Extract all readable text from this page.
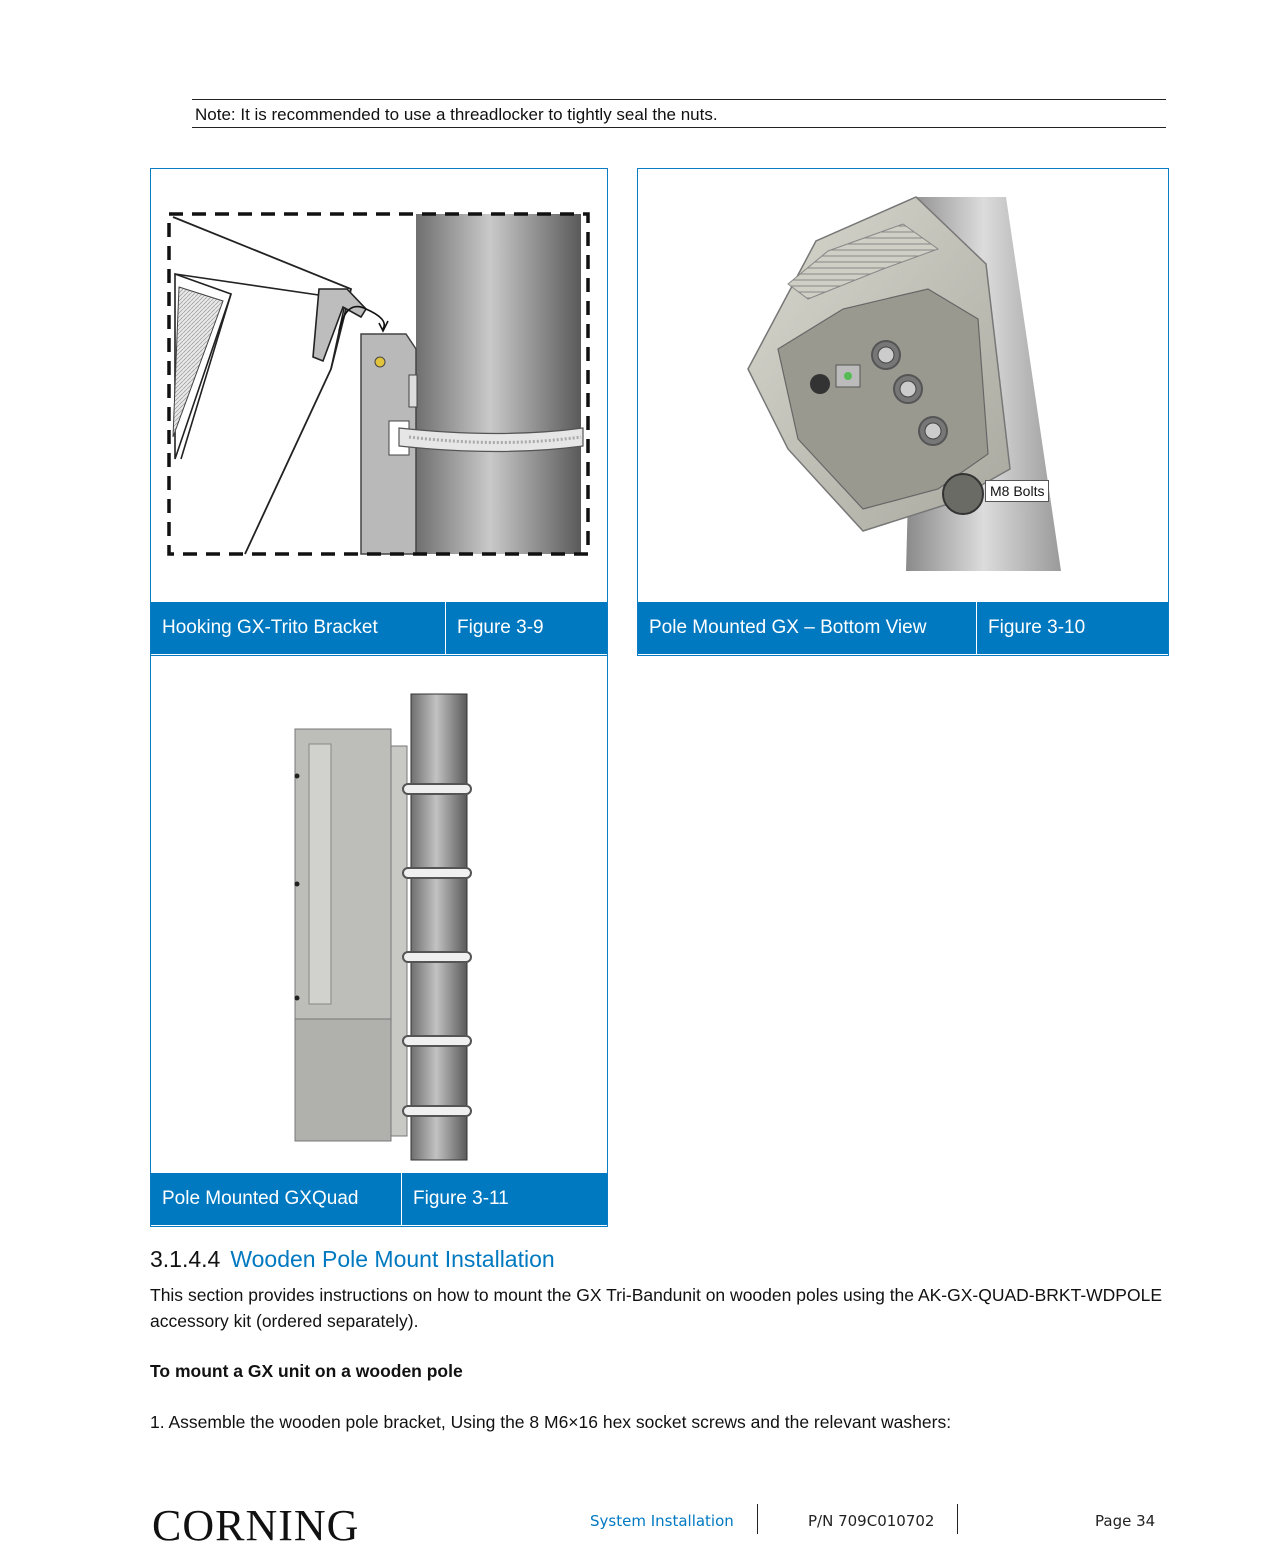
Note: It is recommended to use a threadlocker to tightly seal the nuts.
Hooking GX-Trito Bracket	Figure 3-9
M8 Bolts
Pole Mounted GX – Bottom View	Figure 3-10
Pole Mounted GXQuad	Figure 3-11
3.1.4.4 Wooden Pole Mount Installation
This section provides instructions on how to mount the GX Tri-Bandunit on wooden poles using the AK-GX-QUAD-BRKT-WDPOLE accessory kit (ordered separately).
To mount a GX unit on a wooden pole
1. Assemble the wooden pole bracket, Using the 8 M6×16 hex socket screws and the relevant washers:
CORNING	System Installation	P/N 709C010702	Page 34
